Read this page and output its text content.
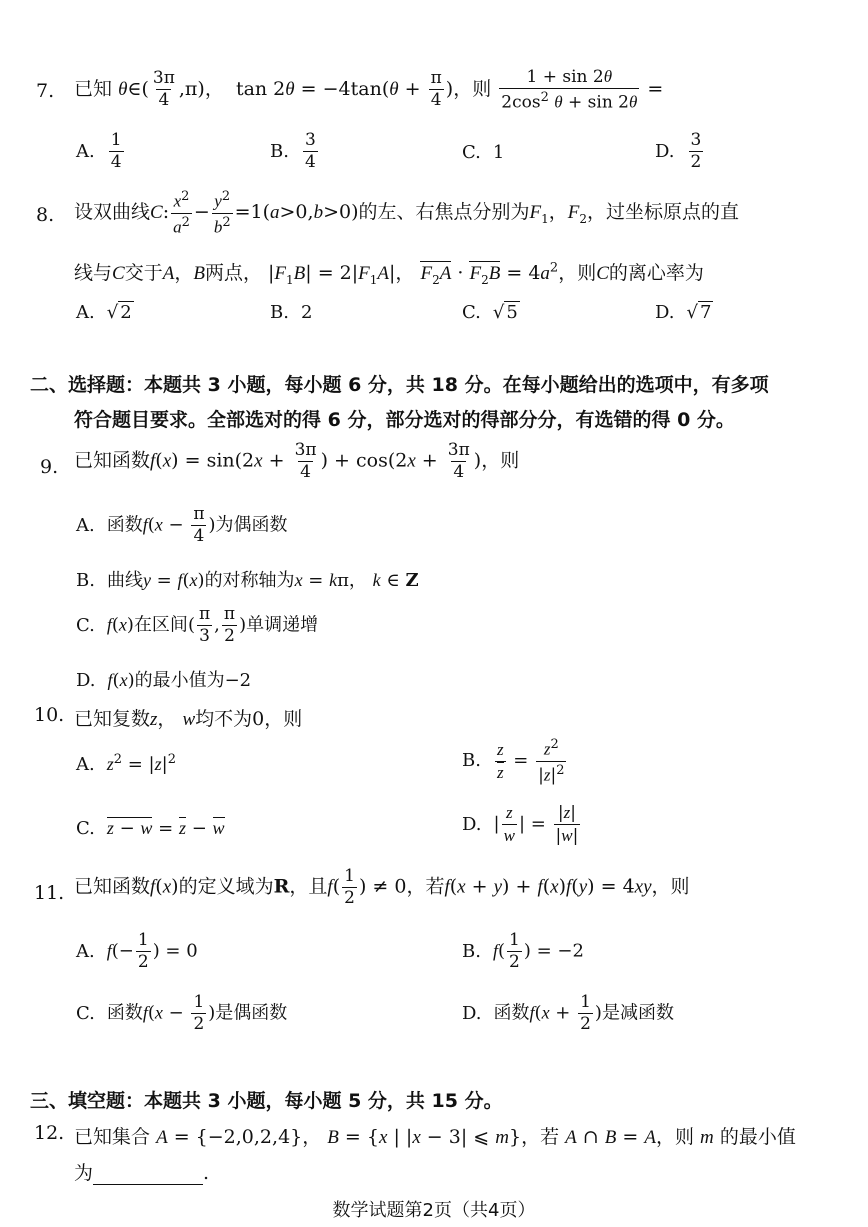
7. 已知 θ∈( $\frac{3\pi}{4} ,\pi$)，  $\tan 2\theta = -4\tan(\theta + \frac{\pi}{4}$ )，则 $\frac{1 + \sin 2\theta}{2\cos^2 \theta + \sin 2\theta}$ =
A. $\frac{1}{4}$	B. $\frac{3}{4}$	C. 1	D. $\frac{3}{2}$
8. 设双曲线C: $\frac{x^2}{a^2} - \frac{y^2}{b^2} =1(a>0,b>0)$的左、右焦点分别为$F_1$，$F_2$，过坐标原点的直
线与C交于A，B两点， $|F_1B| = 2|F_1A|$， $F_2A \cdot F_2B = 4a^2$，则C的离心率为
A. √ 2	B. 2	C. √ 5	D. √ 7
二、选择题：本题共 3 小题，每小题 6 分，共 18 分。在每小题给出的选项中，有多项
符合题目要求。全部选对的得 6 分，部分选对的得部分分，有选错的得 0 分。
9. 已知函数$f(x) = \sin(2x + \frac{3\pi}{4}$ ) + $\cos(2x + \frac{3\pi}{4}$ )，则
A. 函数$f(x - \frac{\pi}{4}$ )为偶函数
B. 曲线y = f(x)的对称轴为x = kπ， k ∈ Z
C. f(x)在区间( $\frac{\pi}{3}$ , $\frac{\pi}{2}$ )单调递增
D. f(x)的最小值为−2
10. 已知复数z， w均不为0，则
A. $z^2 = |z|^2$	B. $\frac{z}{z} = \frac{z^2}{|z|^2}$
C. z − w = z − w	D. | $\frac{z}{w}$ | = $\frac{|z|}{|w|}$
11. 已知函数f(x)的定义域为R，且$f( \frac{1}{2}$ ) ≠ 0，若f(x + y) + f(x)f(y) = 4xy，则
A. $f(- \frac{1}{2}$ ) = 0	B. $f( \frac{1}{2}$ ) = −2
C. 函数$f(x - \frac{1}{2}$ )是偶函数	D. 函数$f(x + \frac{1}{2}$ )是减函数
三、填空题：本题共 3 小题，每小题 5 分，共 15 分。
12. 已知集合 A = {−2,0,2,4}， B = {x | |x − 3| ⩽ m}，若 A ∩ B = A，则 m 的最小值
为	.
数学试题第2页（共4页）
